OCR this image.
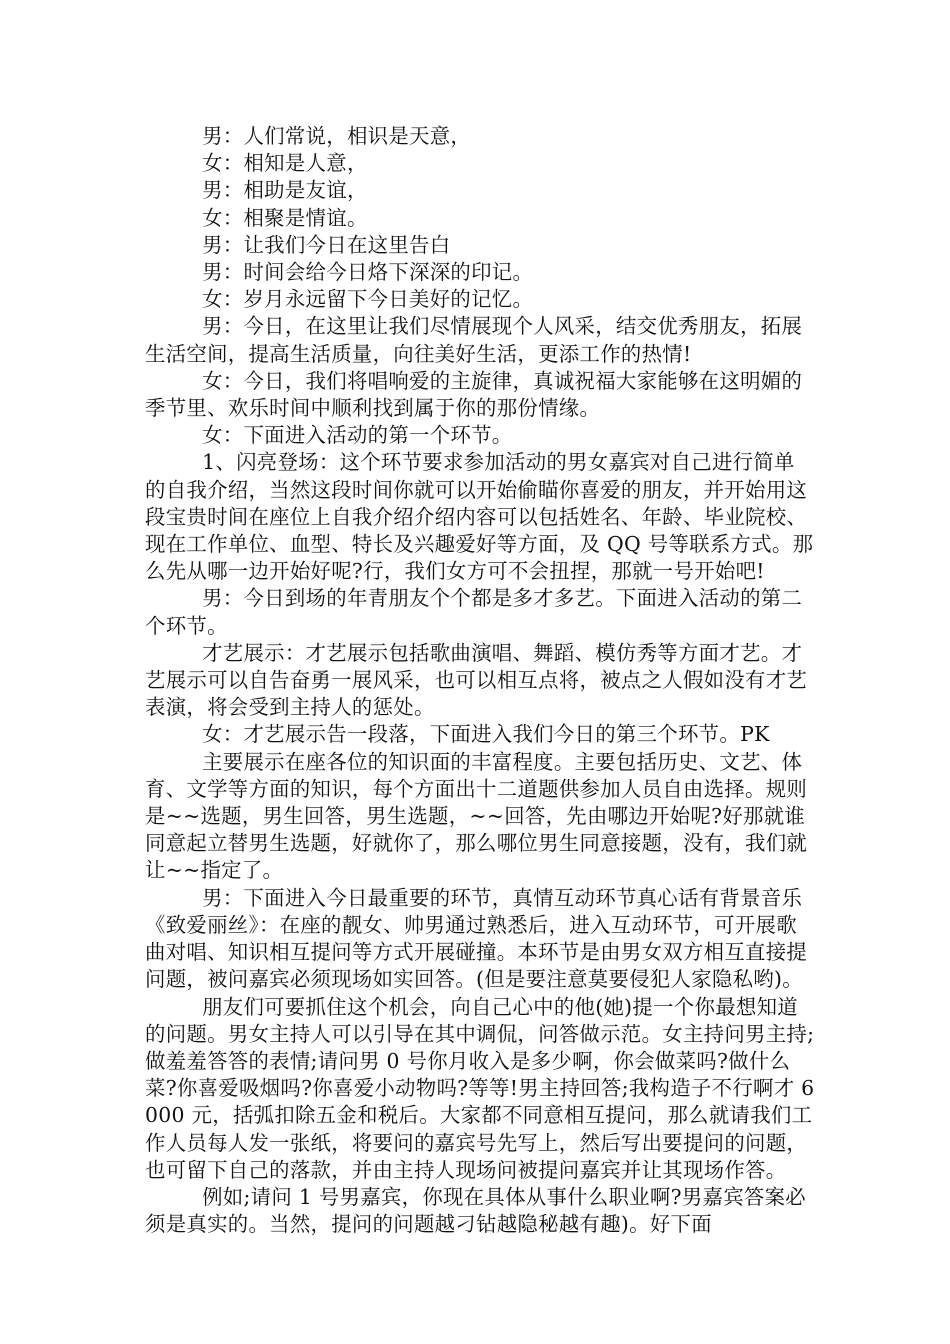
男：人们常说，相识是天意，

女：相知是人意，

男：相助是友谊，

女：相聚是情谊。

男：让我们今日在这里告白

男：时间会给今日烙下深深的印记。

女：岁月永远留下今日美好的记忆。

男：今日，在这里让我们尽情展现个人风采，结交优秀朋友，拓展生活空间，提高生活质量，向往美好生活，更添工作的热情!

女：今日，我们将唱响爱的主旋律，真诚祝福大家能够在这明媚的季节里、欢乐时间中顺利找到属于你的那份情缘。

女：下面进入活动的第一个环节。

1、闪亮登场：这个环节要求参加活动的男女嘉宾对自己进行简单的自我介绍，当然这段时间你就可以开始偷瞄你喜爱的朋友，并开始用这段宝贵时间在座位上自我介绍介绍内容可以包括姓名、年龄、毕业院校、现在工作单位、血型、特长及兴趣爱好等方面，及 QQ 号等联系方式。那么先从哪一边开始好呢?行，我们女方可不会扭捏，那就一号开始吧!

男：今日到场的年青朋友个个都是多才多艺。下面进入活动的第二个环节。

才艺展示：才艺展示包括歌曲演唱、舞蹈、模仿秀等方面才艺。才艺展示可以自告奋勇一展风采，也可以相互点将，被点之人假如没有才艺表演，将会受到主持人的惩处。

女：才艺展示告一段落，下面进入我们今日的第三个环节。PK

主要展示在座各位的知识面的丰富程度。主要包括历史、文艺、体育、文学等方面的知识，每个方面出十二道题供参加人员自由选择。规则是~~选题，男生回答，男生选题，~~回答，先由哪边开始呢?好那就谁同意起立替男生选题，好就你了，那么哪位男生同意接题，没有，我们就让~~指定了。

男：下面进入今日最重要的环节，真情互动环节真心话有背景音乐《致爱丽丝》：在座的靓女、帅男通过熟悉后，进入互动环节，可开展歌曲对唱、知识相互提问等方式开展碰撞。本环节是由男女双方相互直接提问题，被问嘉宾必须现场如实回答。(但是要注意莫要侵犯人家隐私哟)。

朋友们可要抓住这个机会，向自己心中的他(她)提一个你最想知道的问题。男女主持人可以引导在其中调侃，问答做示范。女主持问男主持;做羞羞答答的表情;请问男 0 号你月收入是多少啊，你会做菜吗?做什么菜?你喜爱吸烟吗?你喜爱小动物吗?等等!男主持回答;我构造子不行啊才 6000 元，括弧扣除五金和税后。大家都不同意相互提问，那么就请我们工作人员每人发一张纸，将要问的嘉宾号先写上，然后写出要提问的问题，也可留下自己的落款，并由主持人现场问被提问嘉宾并让其现场作答。

例如;请问 1 号男嘉宾，你现在具体从事什么职业啊?男嘉宾答案必须是真实的。当然，提问的问题越刁钻越隐秘越有趣)。好下面
